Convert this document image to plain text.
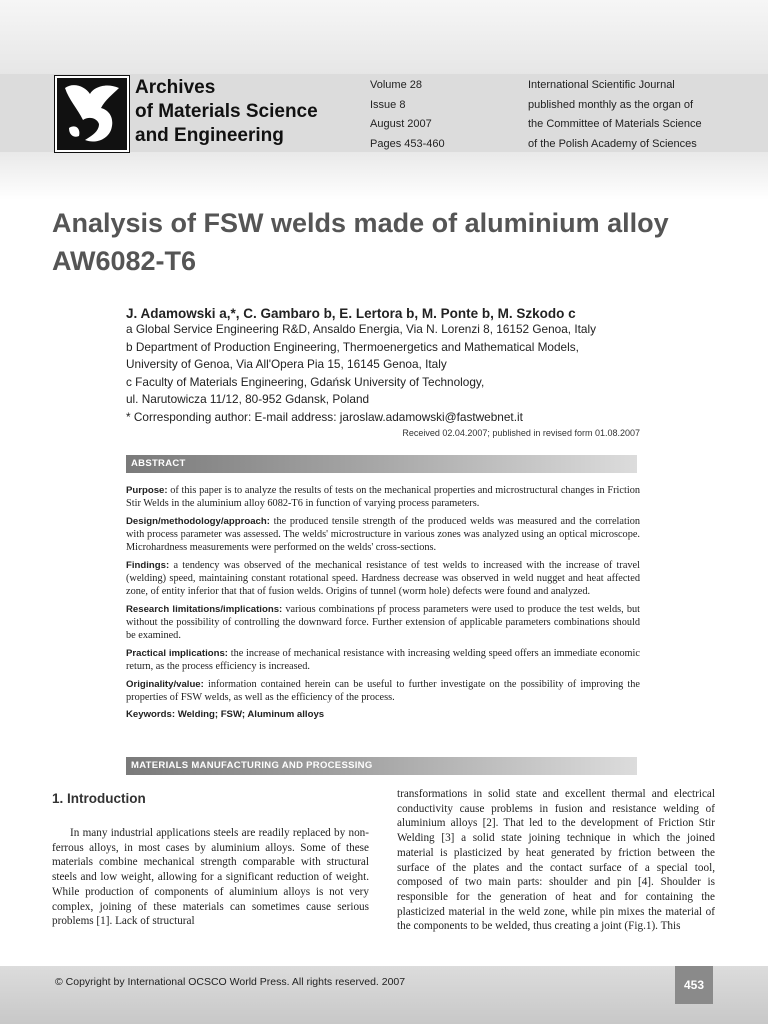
Archives
of Materials Science
and Engineering
Volume 28
Issue 8
August 2007
Pages 453-460
International Scientific Journal
published monthly as the organ of
the Committee of Materials Science
of the Polish Academy of Sciences
Analysis of FSW welds made of aluminium alloy AW6082-T6
J. Adamowski a,*, C. Gambaro b, E. Lertora b, M. Ponte b, M. Szkodo c
a Global Service Engineering R&D, Ansaldo Energia, Via N. Lorenzi 8, 16152 Genoa, Italy
b Department of Production Engineering, Thermoenergetics and Mathematical Models,
University of Genoa, Via All'Opera Pia 15, 16145 Genoa, Italy
c Faculty of Materials Engineering, Gdańsk University of Technology,
ul. Narutowicza 11/12, 80-952 Gdansk, Poland
* Corresponding author: E-mail address: jaroslaw.adamowski@fastwebnet.it
Received 02.04.2007; published in revised form 01.08.2007
ABSTRACT

Purpose: of this paper is to analyze the results of tests on the mechanical properties and microstructural changes in Friction Stir Welds in the aluminium alloy 6082-T6 in function of varying process parameters.

Design/methodology/approach: the produced tensile strength of the produced welds was measured and the correlation with process parameter was assessed. The welds' microstructure in various zones was analyzed using an optical microscope. Microhardness measurements were performed on the welds' cross-sections.

Findings: a tendency was observed of the mechanical resistance of test welds to increased with the increase of travel (welding) speed, maintaining constant rotational speed. Hardness decrease was observed in weld nugget and heat affected zone, of entity inferior that that of fusion welds. Origins of tunnel (worm hole) defects were found and analyzed.

Research limitations/implications: various combinations pf process parameters were used to produce the test welds, but without the possibility of controlling the downward force. Further extension of applicable parameters combinations should be examined.

Practical implications: the increase of mechanical resistance with increasing welding speed offers an immediate economic return, as the process efficiency is increased.

Originality/value: information contained herein can be useful to further investigate on the possibility of improving the properties of FSW welds, as well as the efficiency of the process.

Keywords: Welding; FSW; Aluminum alloys

MATERIALS MANUFACTURING AND PROCESSING
1. Introduction
In many industrial applications steels are readily replaced by non-ferrous alloys, in most cases by aluminium alloys. Some of these materials combine mechanical strength comparable with structural steels and low weight, allowing for a significant reduction of weight. While production of components of aluminium alloys is not very complex, joining of these materials can sometimes cause serious problems [1]. Lack of structural
transformations in solid state and excellent thermal and electrical conductivity cause problems in fusion and resistance welding of aluminium alloys [2]. That led to the development of Friction Stir Welding [3] a solid state joining technique in which the joined material is plasticized by heat generated by friction between the surface of the plates and the contact surface of a special tool, composed of two main parts: shoulder and pin [4]. Shoulder is responsible for the generation of heat and for containing the plasticized material in the weld zone, while pin mixes the material of the components to be welded, thus creating a joint (Fig.1). This
© Copyright by International OCSCO World Press. All rights reserved. 2007	453
